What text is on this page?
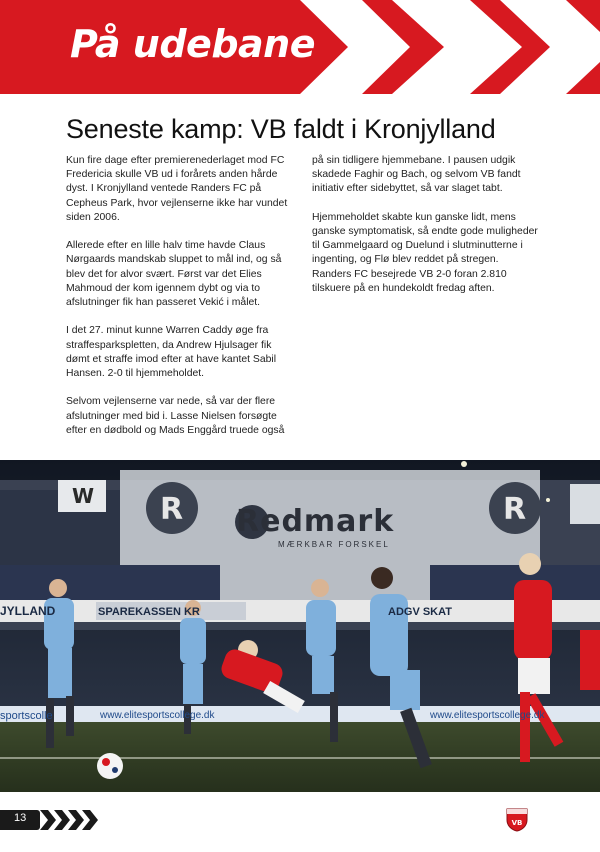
På udebane
Seneste kamp: VB faldt i Kronjylland

Kun fire dage efter premierenederlaget mod FC Fredericia skulle VB ud i forårets anden hårde dyst. I Kronjylland ventede Randers FC på Cepheus Park, hvor vejlenserne ikke har vundet siden 2006.

Allerede efter en lille halv time havde Claus Nørgaards mandskab sluppet to mål ind, og så blev det for alvor svært. Først var det Elies Mahmoud der kom igennem dybt og via to afslutninger fik han passeret Vekić i målet.

I det 27. minut kunne Warren Caddy øge fra straffesparkspletten, da Andrew Hjulsager fik dømt et straffe imod efter at have kantet Sabil Hansen. 2-0 til hjemmeholdet.

Selvom vejlenserne var nede, så var der flere afslutninger med bid i. Lasse Nielsen forsøgte efter en dødbold og Mads Enggård truede også

på sin tidligere hjemmebane. I pausen udgik skadede Faghir og Bach, og selvom VB fandt initiativ efter sidebyttet, så var slaget tabt.

Hjemmeholdet skabte kun ganske lidt, mens ganske symptomatisk, så endte gode muligheder til Gammelgaard og Duelund i slutminutterne i ingenting, og Flø blev reddet på stregen. Randers FC besejrede VB 2-0 foran 2.810 tilskuere på en hundekoldt fredag aften.

Redmark
MÆRKBAR FORSKEL
R	R
W
JYLLAND	SPAREKASSEN KR	ADGV SKAT
sportscolle	www.elitesportscollege.dk	www.elitesportscollege.dk
13	VB
